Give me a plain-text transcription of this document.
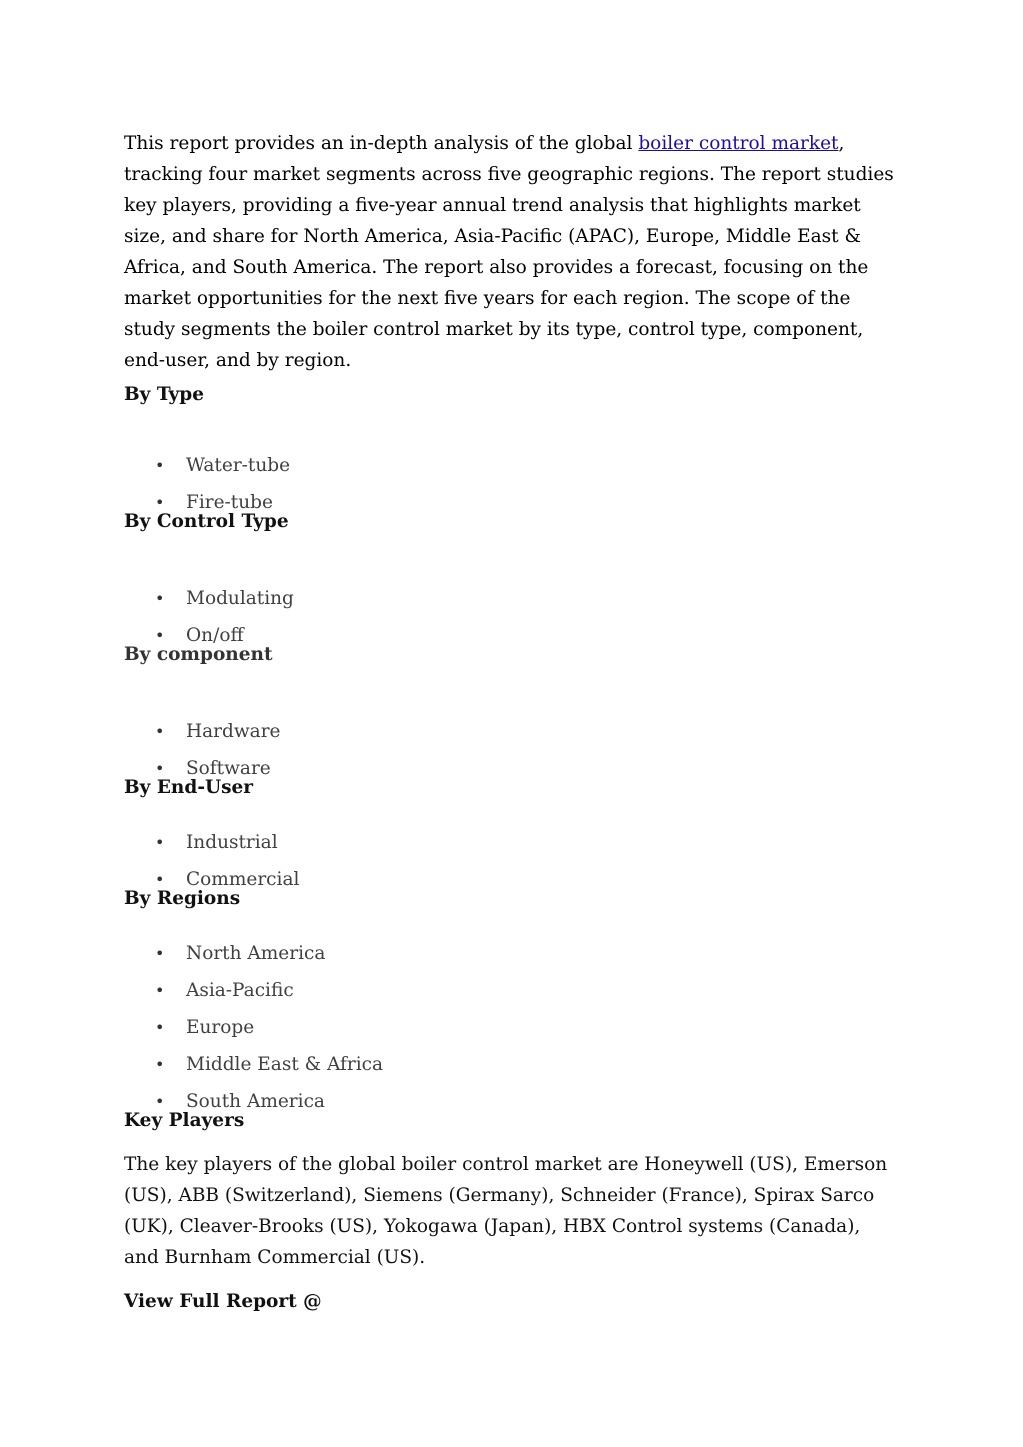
This report provides an in-depth analysis of the global boiler control market, tracking four market segments across five geographic regions. The report studies key players, providing a five-year annual trend analysis that highlights market size, and share for North America, Asia-Pacific (APAC), Europe, Middle East & Africa, and South America. The report also provides a forecast, focusing on the market opportunities for the next five years for each region. The scope of the study segments the boiler control market by its type, control type, component, end-user, and by region.

By Type

• Water-tube
• Fire-tube

By Control Type

• Modulating
• On/off

By component

• Hardware
• Software

By End-User

• Industrial
• Commercial

By Regions

• North America
• Asia-Pacific
• Europe
• Middle East & Africa
• South America

Key Players

The key players of the global boiler control market are Honeywell (US), Emerson (US), ABB (Switzerland), Siemens (Germany), Schneider (France), Spirax Sarco (UK), Cleaver-Brooks (US), Yokogawa (Japan), HBX Control systems (Canada), and Burnham Commercial (US).

View Full Report @
